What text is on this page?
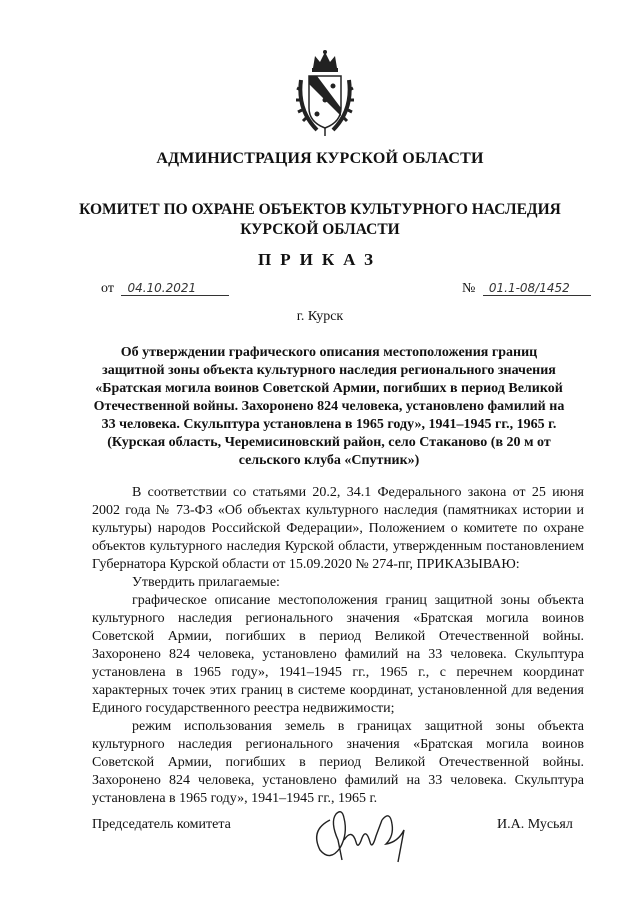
АДМИНИСТРАЦИЯ КУРСКОЙ ОБЛАСТИ
КОМИТЕТ ПО ОХРАНЕ ОБЪЕКТОВ КУЛЬТУРНОГО НАСЛЕДИЯ
КУРСКОЙ ОБЛАСТИ
ПРИКАЗ
от 04.10.2021	№ 01.1-08/1452
г. Курск
Об утверждении графического описания местоположения границ защитной зоны объекта культурного наследия регионального значения «Братская могила воинов Советской Армии, погибших в период Великой Отечественной войны. Захоронено 824 человека, установлено фамилий на 33 человека. Скульптура установлена в 1965 году», 1941–1945 гг., 1965 г. (Курская область, Черемисиновский район, село Стаканово (в 20 м от сельского клуба «Спутник»)

В соответствии со статьями 20.2, 34.1 Федерального закона от 25 июня 2002 года № 73-ФЗ «Об объектах культурного наследия (памятниках истории и культуры) народов Российской Федерации», Положением о комитете по охране объектов культурного наследия Курской области, утвержденным постановлением Губернатора Курской области от 15.09.2020 № 274-пг, ПРИКАЗЫВАЮ:

Утвердить прилагаемые:

графическое описание местоположения границ защитной зоны объекта культурного наследия регионального значения «Братская могила воинов Советской Армии, погибших в период Великой Отечественной войны. Захоронено 824 человека, установлено фамилий на 33 человека. Скульптура установлена в 1965 году», 1941–1945 гг., 1965 г., с перечнем координат характерных точек этих границ в системе координат, установленной для ведения Единого государственного реестра недвижимости;

режим использования земель в границах защитной зоны объекта культурного наследия регионального значения «Братская могила воинов Советской Армии, погибших в период Великой Отечественной войны. Захоронено 824 человека, установлено фамилий на 33 человека. Скульптура установлена в 1965 году», 1941–1945 гг., 1965 г.

Председатель комитета	И.А. Мусьял
